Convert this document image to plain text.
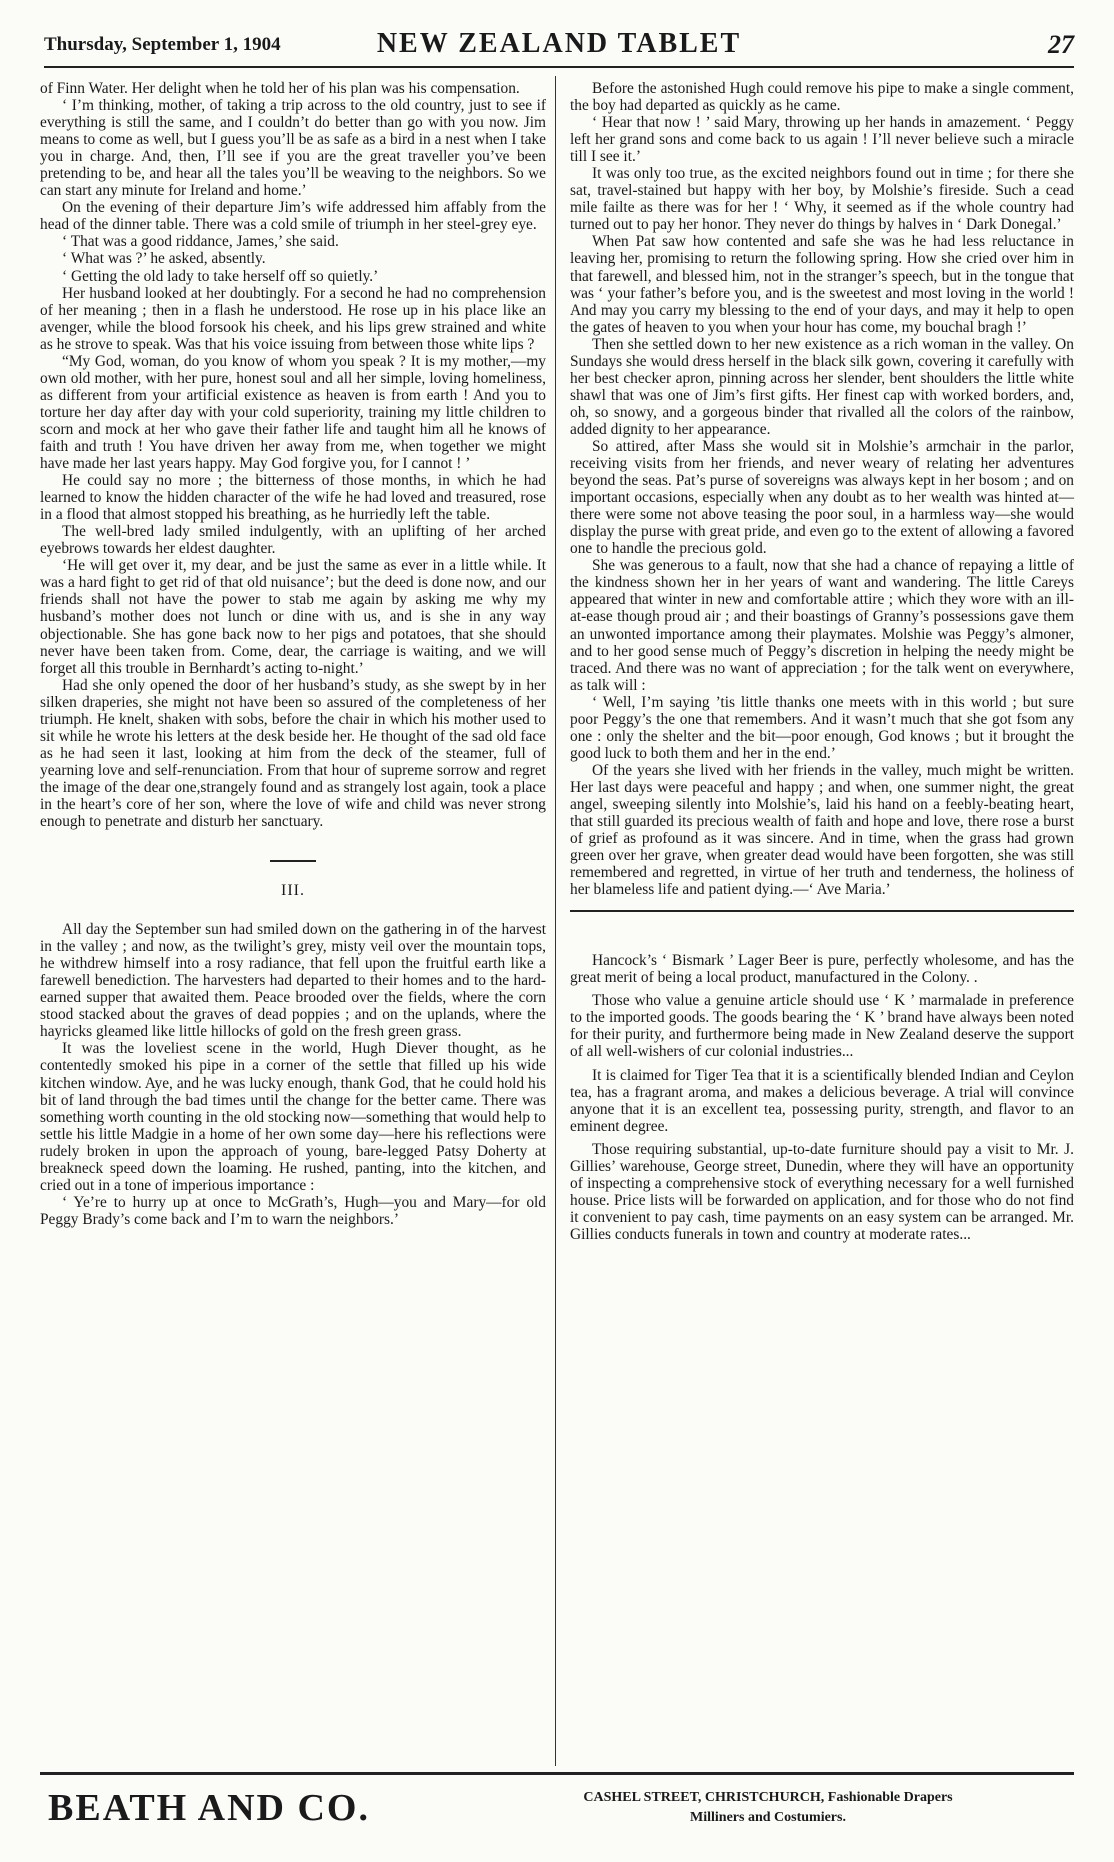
Thursday, September 1, 1904	NEW ZEALAND TABLET	27

of Finn Water. Her delight when he told her of his plan was his compensation.

‘ I’m thinking, mother, of taking a trip across to the old country, just to see if everything is still the same, and I couldn’t do better than go with you now. Jim means to come as well, but I guess you’ll be as safe as a bird in a nest when I take you in charge. And, then, I’ll see if you are the great traveller you’ve been pretending to be, and hear all the tales you’ll be weaving to the neighbors. So we can start any minute for Ireland and home.’

On the evening of their departure Jim’s wife addressed him affably from the head of the dinner table. There was a cold smile of triumph in her steel-grey eye.

‘ That was a good riddance, James,’ she said.

‘ What was ?’ he asked, absently.

‘ Getting the old lady to take herself off so quietly.’

Her husband looked at her doubtingly. For a second he had no comprehension of her meaning ; then in a flash he understood. He rose up in his place like an avenger, while the blood forsook his cheek, and his lips grew strained and white as he strove to speak. Was that his voice issuing from between those white lips ?

“My God, woman, do you know of whom you speak ? It is my mother,—my own old mother, with her pure, honest soul and all her simple, loving homeliness, as different from your artificial existence as heaven is from earth ! And you to torture her day after day with your cold superiority, training my little children to scorn and mock at her who gave their father life and taught him all he knows of faith and truth ! You have driven her away from me, when together we might have made her last years happy. May God forgive you, for I cannot ! ’

He could say no more ; the bitterness of those months, in which he had learned to know the hidden character of the wife he had loved and treasured, rose in a flood that almost stopped his breathing, as he hurriedly left the table.

The well-bred lady smiled indulgently, with an uplifting of her arched eyebrows towards her eldest daughter.

‘He will get over it, my dear, and be just the same as ever in a little while. It was a hard fight to get rid of that old nuisance’; but the deed is done now, and our friends shall not have the power to stab me again by asking me why my husband’s mother does not lunch or dine with us, and is she in any way objectionable. She has gone back now to her pigs and potatoes, that she should never have been taken from. Come, dear, the carriage is waiting, and we will forget all this trouble in Bernhardt’s acting to-night.’

Had she only opened the door of her husband’s study, as she swept by in her silken draperies, she might not have been so assured of the completeness of her triumph. He knelt, shaken with sobs, before the chair in which his mother used to sit while he wrote his letters at the desk beside her. He thought of the sad old face as he had seen it last, looking at him from the deck of the steamer, full of yearning love and self-renunciation. From that hour of supreme sorrow and regret the image of the dear one,strangely found and as strangely lost again, took a place in the heart’s core of her son, where the love of wife and child was never strong enough to penetrate and disturb her sanctuary.

III.

All day the September sun had smiled down on the gathering in of the harvest in the valley ; and now, as the twilight’s grey, misty veil over the mountain tops, he withdrew himself into a rosy radiance, that fell upon the fruitful earth like a farewell benediction. The harvesters had departed to their homes and to the hard-earned supper that awaited them. Peace brooded over the fields, where the corn stood stacked about the graves of dead poppies ; and on the uplands, where the hayricks gleamed like little hillocks of gold on the fresh green grass.

It was the loveliest scene in the world, Hugh Diever thought, as he contentedly smoked his pipe in a corner of the settle that filled up his wide kitchen window. Aye, and he was lucky enough, thank God, that he could hold his bit of land through the bad times until the change for the better came. There was something worth counting in the old stocking now—something that would help to settle his little Madgie in a home of her own some day—here his reflections were rudely broken in upon the approach of young, bare-legged Patsy Doherty at breakneck speed down the loaming. He rushed, panting, into the kitchen, and cried out in a tone of imperious importance :

‘ Ye’re to hurry up at once to McGrath’s, Hugh—you and Mary—for old Peggy Brady’s come back and I’m to warn the neighbors.’

Before the astonished Hugh could remove his pipe to make a single comment, the boy had departed as quickly as he came.

‘ Hear that now ! ’ said Mary, throwing up her hands in amazement. ‘ Peggy left her grand sons and come back to us again ! I’ll never believe such a miracle till I see it.’

It was only too true, as the excited neighbors found out in time ; for there she sat, travel-stained but happy with her boy, by Molshie’s fireside. Such a cead mile failte as there was for her ! ‘ Why, it seemed as if the whole country had turned out to pay her honor. They never do things by halves in ‘ Dark Donegal.’

When Pat saw how contented and safe she was he had less reluctance in leaving her, promising to return the following spring. How she cried over him in that farewell, and blessed him, not in the stranger’s speech, but in the tongue that was ‘ your father’s before you, and is the sweetest and most loving in the world ! And may you carry my blessing to the end of your days, and may it help to open the gates of heaven to you when your hour has come, my bouchal bragh !’

Then she settled down to her new existence as a rich woman in the valley. On Sundays she would dress herself in the black silk gown, covering it carefully with her best checker apron, pinning across her slender, bent shoulders the little white shawl that was one of Jim’s first gifts. Her finest cap with worked borders, and, oh, so snowy, and a gorgeous binder that rivalled all the colors of the rainbow, added dignity to her appearance.

So attired, after Mass she would sit in Molshie’s armchair in the parlor, receiving visits from her friends, and never weary of relating her adventures beyond the seas. Pat’s purse of sovereigns was always kept in her bosom ; and on important occasions, especially when any doubt as to her wealth was hinted at—there were some not above teasing the poor soul, in a harmless way—she would display the purse with great pride, and even go to the extent of allowing a favored one to handle the precious gold.

She was generous to a fault, now that she had a chance of repaying a little of the kindness shown her in her years of want and wandering. The little Careys appeared that winter in new and comfortable attire ; which they wore with an ill-at-ease though proud air ; and their boastings of Granny’s possessions gave them an unwonted importance among their playmates. Molshie was Peggy’s almoner, and to her good sense much of Peggy’s discretion in helping the needy might be traced. And there was no want of appreciation ; for the talk went on everywhere, as talk will :

‘ Well, I’m saying ’tis little thanks one meets with in this world ; but sure poor Peggy’s the one that remembers. And it wasn’t much that she got fsom any one : only the shelter and the bit—poor enough, God knows ; but it brought the good luck to both them and her in the end.’

Of the years she lived with her friends in the valley, much might be written. Her last days were peaceful and happy ; and when, one summer night, the great angel, sweeping silently into Molshie’s, laid his hand on a feebly-beating heart, that still guarded its precious wealth of faith and hope and love, there rose a burst of grief as profound as it was sincere. And in time, when the grass had grown green over her grave, when greater dead would have been forgotten, she was still remembered and regretted, in virtue of her truth and tenderness, the holiness of her blameless life and patient dying.—‘ Ave Maria.’

Hancock’s ‘ Bismark ’ Lager Beer is pure, perfectly wholesome, and has the great merit of being a local product, manufactured in the Colony. .

Those who value a genuine article should use ‘ K ’ marmalade in preference to the imported goods. The goods bearing the ‘ K ’ brand have always been noted for their purity, and furthermore being made in New Zealand deserve the support of all well-wishers of cur colonial industries...

It is claimed for Tiger Tea that it is a scientifically blended Indian and Ceylon tea, has a fragrant aroma, and makes a delicious beverage. A trial will convince anyone that it is an excellent tea, possessing purity, strength, and flavor to an eminent degree.

Those requiring substantial, up-to-date furniture should pay a visit to Mr. J. Gillies’ warehouse, George street, Dunedin, where they will have an opportunity of inspecting a comprehensive stock of everything necessary for a well furnished house. Price lists will be forwarded on application, and for those who do not find it convenient to pay cash, time payments on an easy system can be arranged. Mr. Gillies conducts funerals in town and country at moderate rates...

BEATH AND CO.	CASHEL STREET, CHRISTCHURCH, Fashionable Drapers
Milliners and Costumiers.
